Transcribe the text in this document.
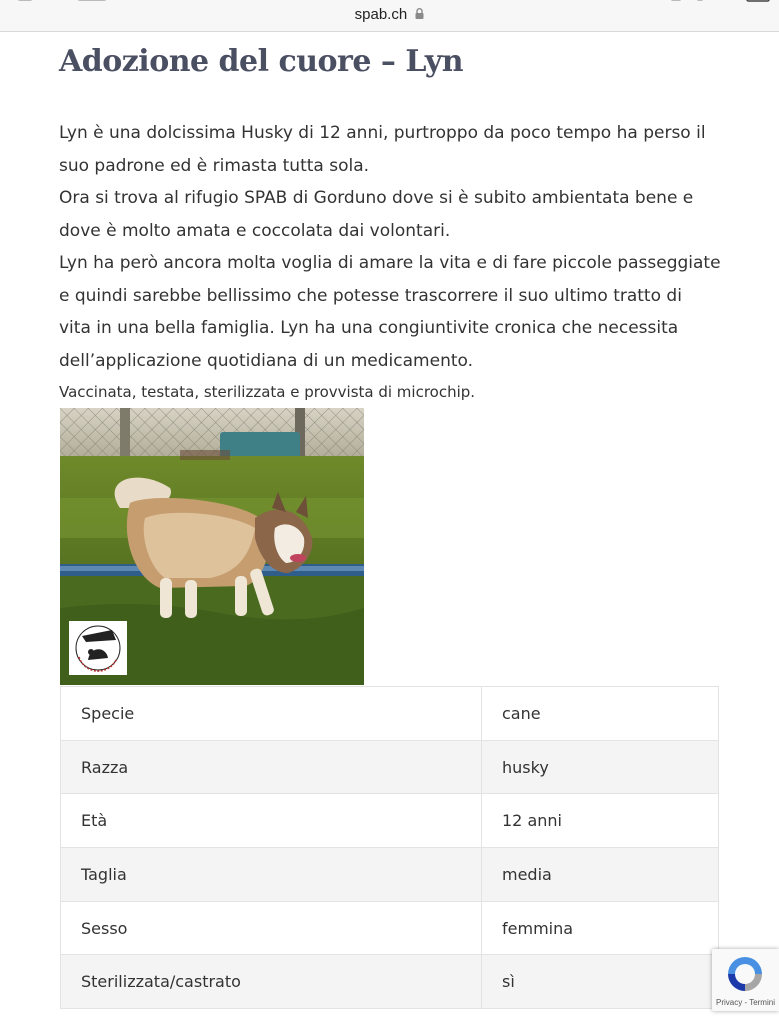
spab.ch
Adozione del cuore – Lyn
Lyn è una dolcissima Husky di 12 anni, purtroppo da poco tempo ha perso il
suo padrone ed è rimasta tutta sola.
Ora si trova al rifugio SPAB di Gorduno dove si è subito ambientata bene e
dove è molto amata e coccolata dai volontari.
Lyn ha però ancora molta voglia di amare la vita e di fare piccole passeggiate
e quindi sarebbe bellissimo che potesse trascorrere il suo ultimo tratto di
vita in una bella famiglia. Lyn ha una congiuntivite cronica che necessita
dell’applicazione quotidiana di un medicamento.
Vaccinata, testata, sterilizzata e provvista di microchip.
Specie	cane
Razza	husky
Età	12 anni
Taglia	media
Sesso	femmina
Sterilizzata/castrato	sì
Privacy - Termini
